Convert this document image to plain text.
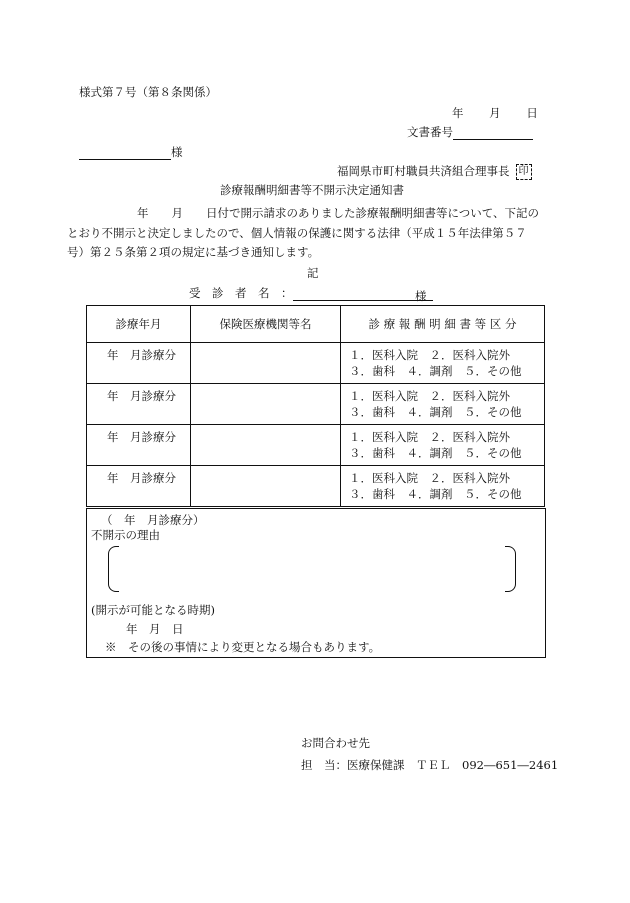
様式第７号（第８条関係）
年 月 日
文書番号
様
福岡県市町村職員共済組合理事長 印
診療報酬明細書等不開示決定通知書
年　　月　　日付で開示請求のありました診療報酬明細書等について、下記の
とおり不開示と決定しましたので、個人情報の保護に関する法律（平成１５年法律第５７
号）第２５条第２項の規定に基づき通知します。
記
受　診　者　名　：	様
診療年月	保険医療機関等名	診 療 報 酬 明 細 書 等 区 分
年　月診療分		１．医科入院　２．医科入院外
３．歯科　４．調剤　５．その他

年　月診療分		１．医科入院　２．医科入院外
３．歯科　４．調剤　５．その他

年　月診療分		１．医科入院　２．医科入院外
３．歯科　４．調剤　５．その他

年　月診療分		１．医科入院　２．医科入院外
３．歯科　４．調剤　５．その他
（　年　月診療分）
不開示の理由
(開示が可能となる時期)
年　月　日
※　その後の事情により変更となる場合もあります。
お問合わせ先
担　当：医療保健課　ＴＥＬ　092―651―2461
